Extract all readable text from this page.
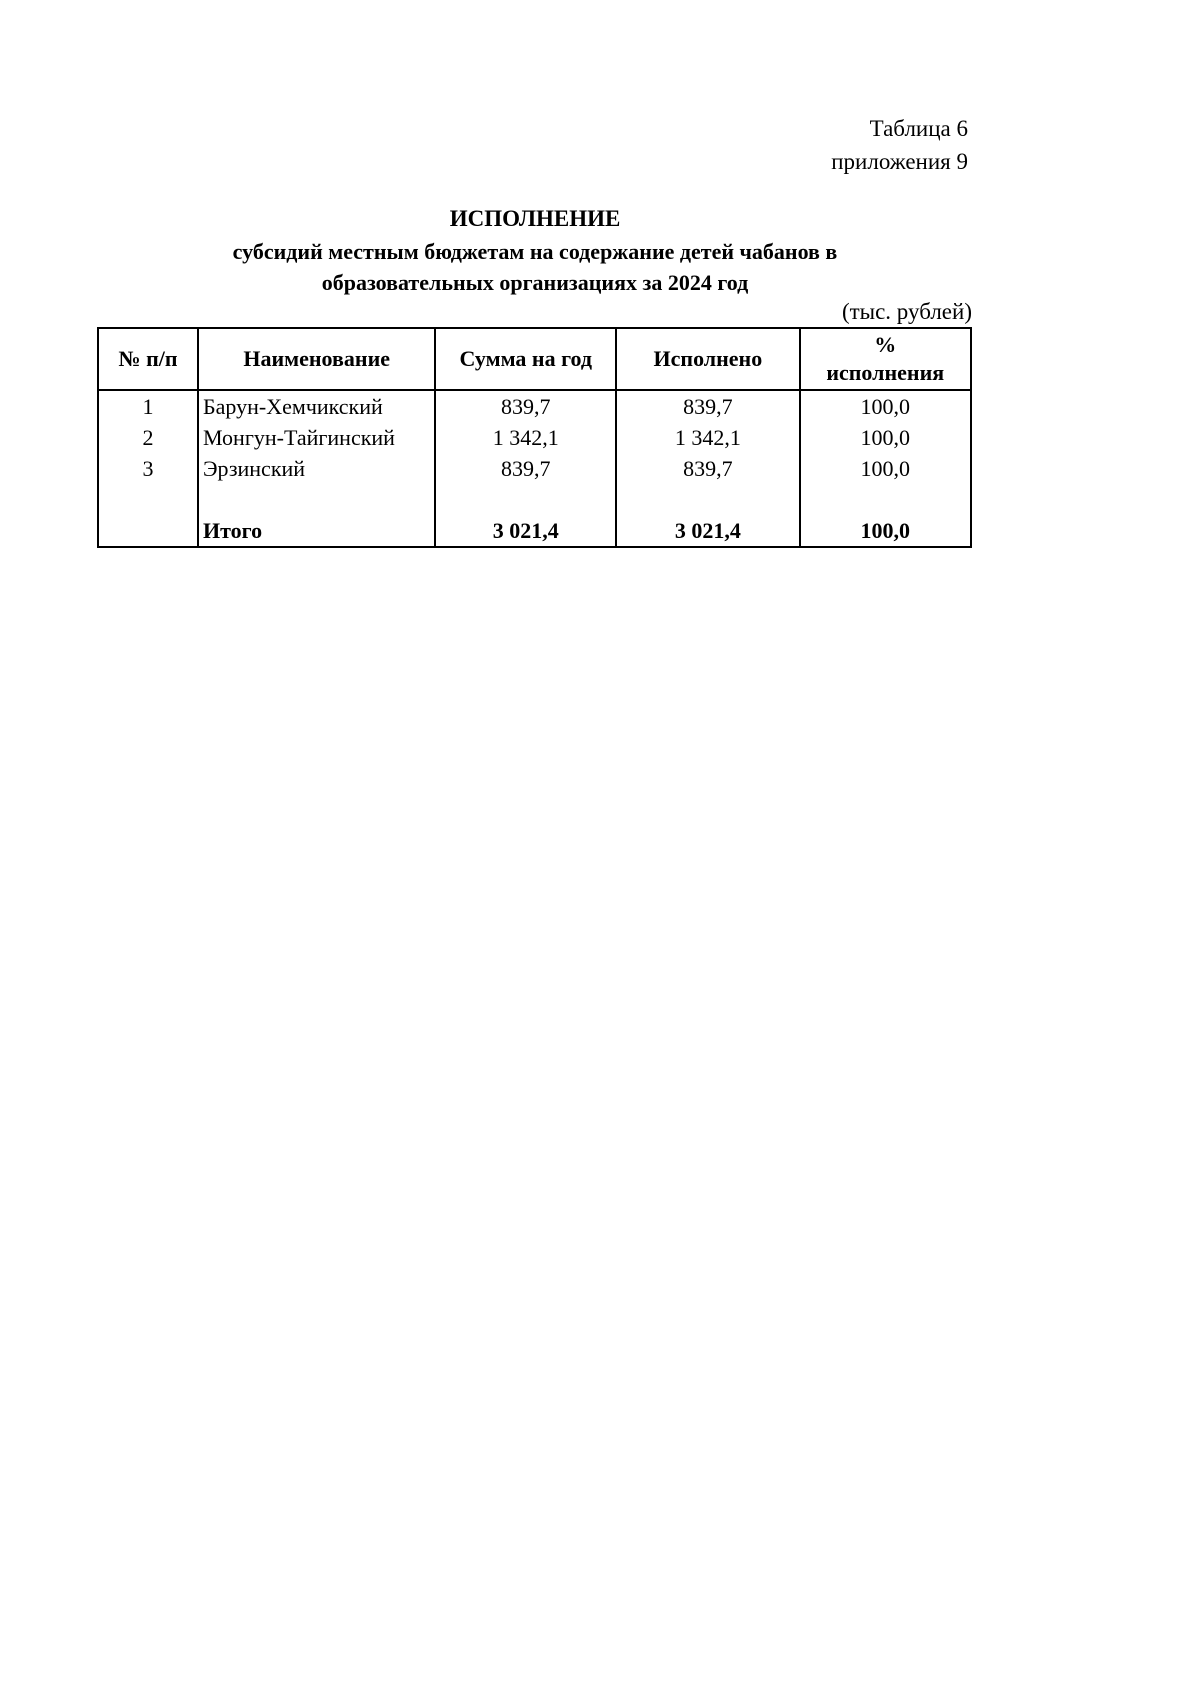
Таблица 6
приложения 9
ИСПОЛНЕНИЕ
субсидий местным бюджетам на содержание детей чабанов в
образовательных организациях за 2024 год
(тыс. рублей)
№ п/п	Наименование	Сумма на год	Исполнено	%
исполнения

1	Барун-Хемчикский	839,7	839,7	100,0
2	Монгун-Тайгинский	1 342,1	1 342,1	100,0
3	Эрзинский	839,7	839,7	100,0

	Итого	3 021,4	3 021,4	100,0
